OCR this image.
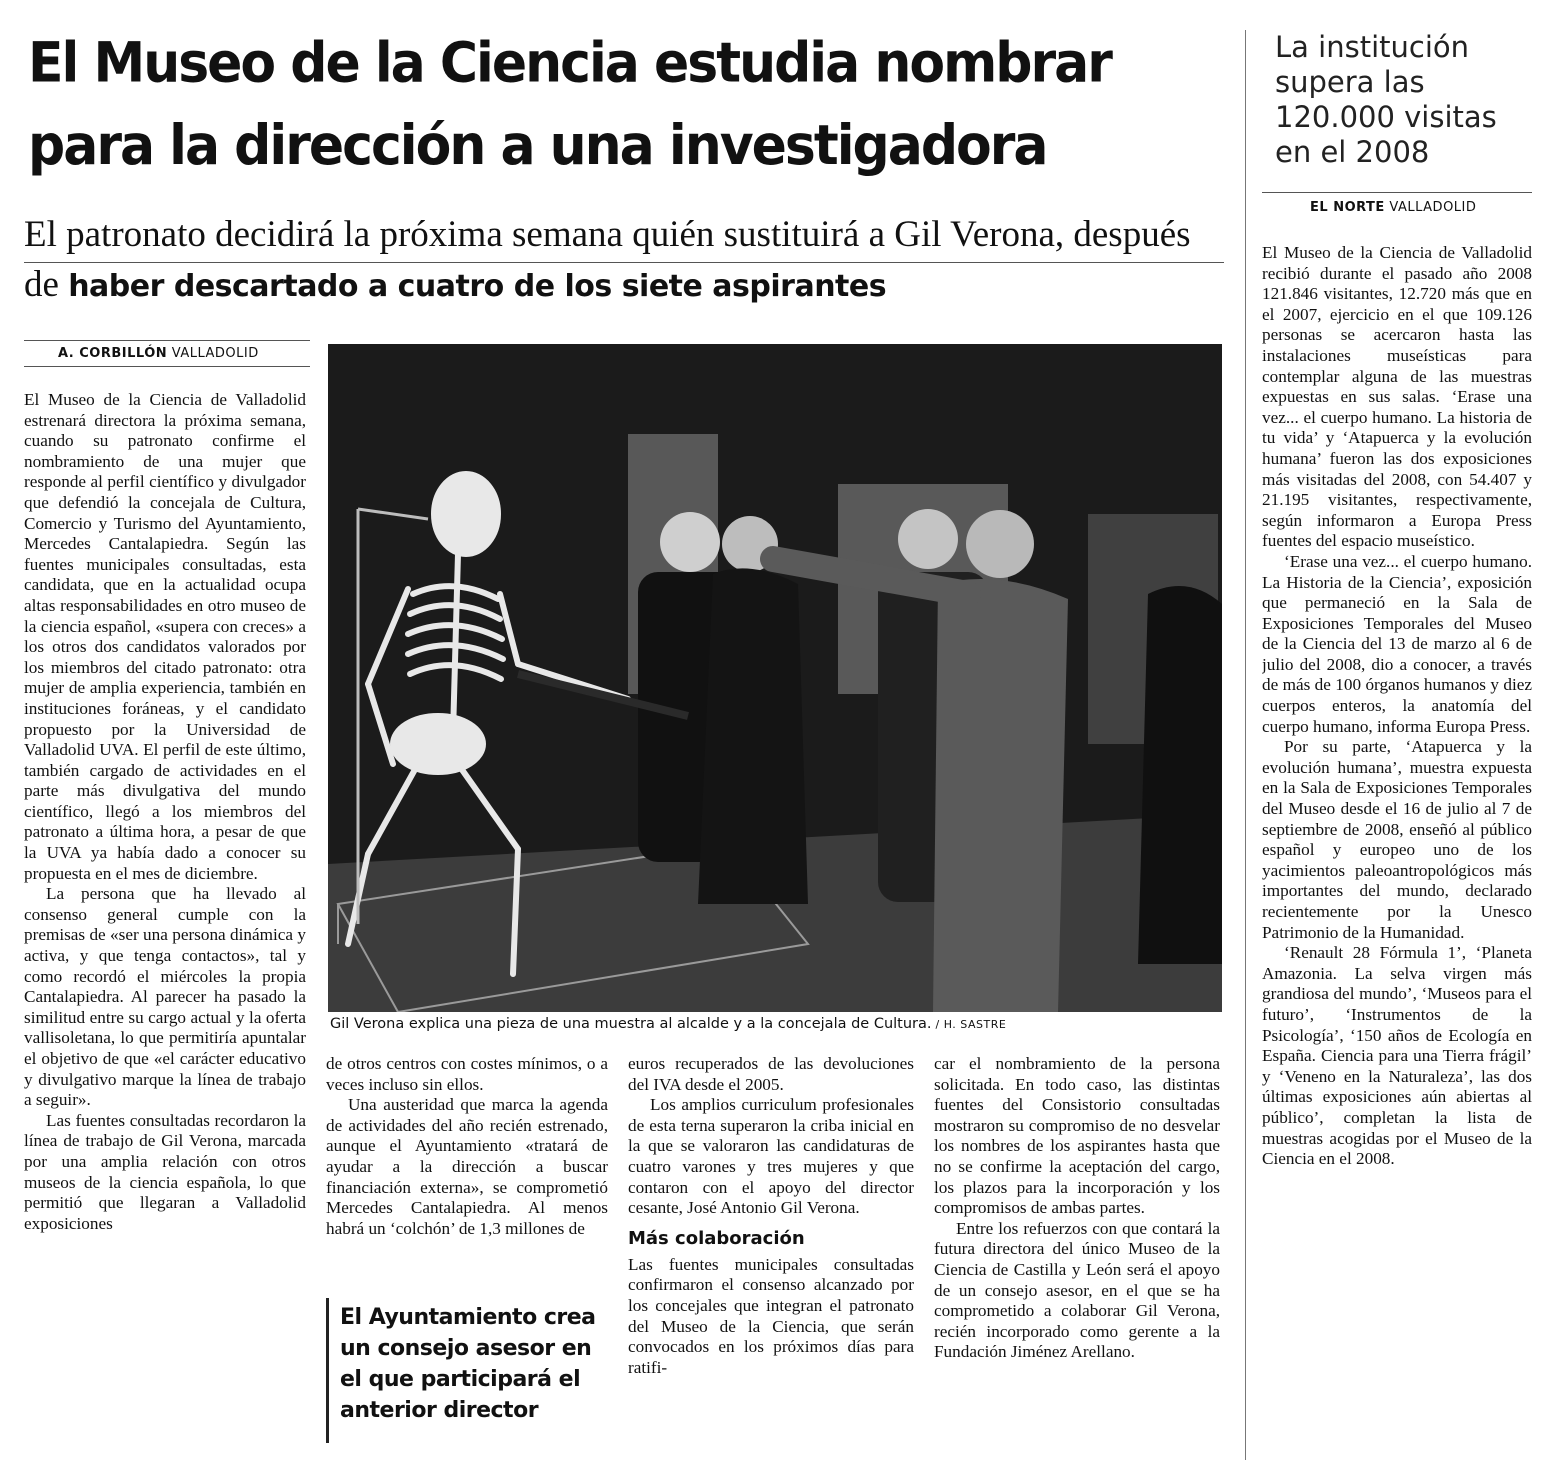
El Museo de la Ciencia estudia nombrar para la dirección a una investigadora
El patronato decidirá la próxima semana quién sustituirá a Gil Verona, después de haber descartado a cuatro de los siete aspirantes
La institución supera las 120.000 visitas en el 2008
EL NORTE VALLADOLID

El Museo de la Ciencia de Valladolid recibió durante el pasado año 2008 121.846 visitantes, 12.720 más que en el 2007, ejercicio en el que 109.126 personas se acercaron hasta las instalaciones museísticas para contemplar alguna de las muestras expuestas en sus salas. ‘Erase una vez... el cuerpo humano. La historia de tu vida’ y ‘Atapuerca y la evolución humana’ fueron las dos exposiciones más visitadas del 2008, con 54.407 y 21.195 visitantes, respectivamente, según informaron a Europa Press fuentes del espacio museístico.

‘Erase una vez... el cuerpo humano. La Historia de la Ciencia’, exposición que permaneció en la Sala de Exposiciones Temporales del Museo de la Ciencia del 13 de marzo al 6 de julio del 2008, dio a conocer, a través de más de 100 órganos humanos y diez cuerpos enteros, la anatomía del cuerpo humano, informa Europa Press.

Por su parte, ‘Atapuerca y la evolución humana’, muestra expuesta en la Sala de Exposiciones Temporales del Museo desde el 16 de julio al 7 de septiembre de 2008, enseñó al público español y europeo uno de los yacimientos paleoantropológicos más importantes del mundo, declarado recientemente por la Unesco Patrimonio de la Humanidad.

‘Renault 28 Fórmula 1’, ‘Planeta Amazonia. La selva virgen más grandiosa del mundo’, ‘Museos para el futuro’, ‘Instrumentos de la Psicología’, ‘150 años de Ecología en España. Ciencia para una Tierra frágil’ y ‘Veneno en la Naturaleza’, las dos últimas exposiciones aún abiertas al público’, completan la lista de muestras acogidas por el Museo de la Ciencia en el 2008.

A. CORBILLÓN VALLADOLID

El Museo de la Ciencia de Valladolid estrenará directora la próxima semana, cuando su patronato confirme el nombramiento de una mujer que responde al perfil científico y divulgador que defendió la concejala de Cultura, Comercio y Turismo del Ayuntamiento, Mercedes Cantalapiedra. Según las fuentes municipales consultadas, esta candidata, que en la actualidad ocupa altas responsabilidades en otro museo de la ciencia español, «supera con creces» a los otros dos candidatos valorados por los miembros del citado patronato: otra mujer de amplia experiencia, también en instituciones foráneas, y el candidato propuesto por la Universidad de Valladolid UVA. El perfil de este último, también cargado de actividades en el parte más divulgativa del mundo científico, llegó a los miembros del patronato a última hora, a pesar de que la UVA ya había dado a conocer su propuesta en el mes de diciembre.

La persona que ha llevado al consenso general cumple con la premisas de «ser una persona dinámica y activa, y que tenga contactos», tal y como recordó el miércoles la propia Cantalapiedra. Al parecer ha pasado la similitud entre su cargo actual y la oferta vallisoletana, lo que permitiría apuntalar el objetivo de que «el carácter educativo y divulgativo marque la línea de trabajo a seguir».

Las fuentes consultadas recordaron la línea de trabajo de Gil Verona, marcada por una amplia relación con otros museos de la ciencia española, lo que permitió que llegaran a Valladolid exposiciones

Gil Verona explica una pieza de una muestra al alcalde y a la concejala de Cultura. / H. SASTRE

de otros centros con costes mínimos, o a veces incluso sin ellos.

Una austeridad que marca la agenda de actividades del año recién estrenado, aunque el Ayuntamiento «tratará de ayudar a la dirección a buscar financiación externa», se comprometió Mercedes Cantalapiedra. Al menos habrá un ‘colchón’ de 1,3 millones de

El Ayuntamiento crea un consejo asesor en el que participará el anterior director

euros recuperados de las devoluciones del IVA desde el 2005.

Los amplios curriculum profesionales de esta terna superaron la criba inicial en la que se valoraron las candidaturas de cuatro varones y tres mujeres y que contaron con el apoyo del director cesante, José Antonio Gil Verona.

Más colaboración

Las fuentes municipales consultadas confirmaron el consenso alcanzado por los concejales que integran el patronato del Museo de la Ciencia, que serán convocados en los próximos días para ratifi-

car el nombramiento de la persona solicitada. En todo caso, las distintas fuentes del Consistorio consultadas mostraron su compromiso de no desvelar los nombres de los aspirantes hasta que no se confirme la aceptación del cargo, los plazos para la incorporación y los compromisos de ambas partes.

Entre los refuerzos con que contará la futura directora del único Museo de la Ciencia de Castilla y León será el apoyo de un consejo asesor, en el que se ha comprometido a colaborar Gil Verona, recién incorporado como gerente a la Fundación Jiménez Arellano.
